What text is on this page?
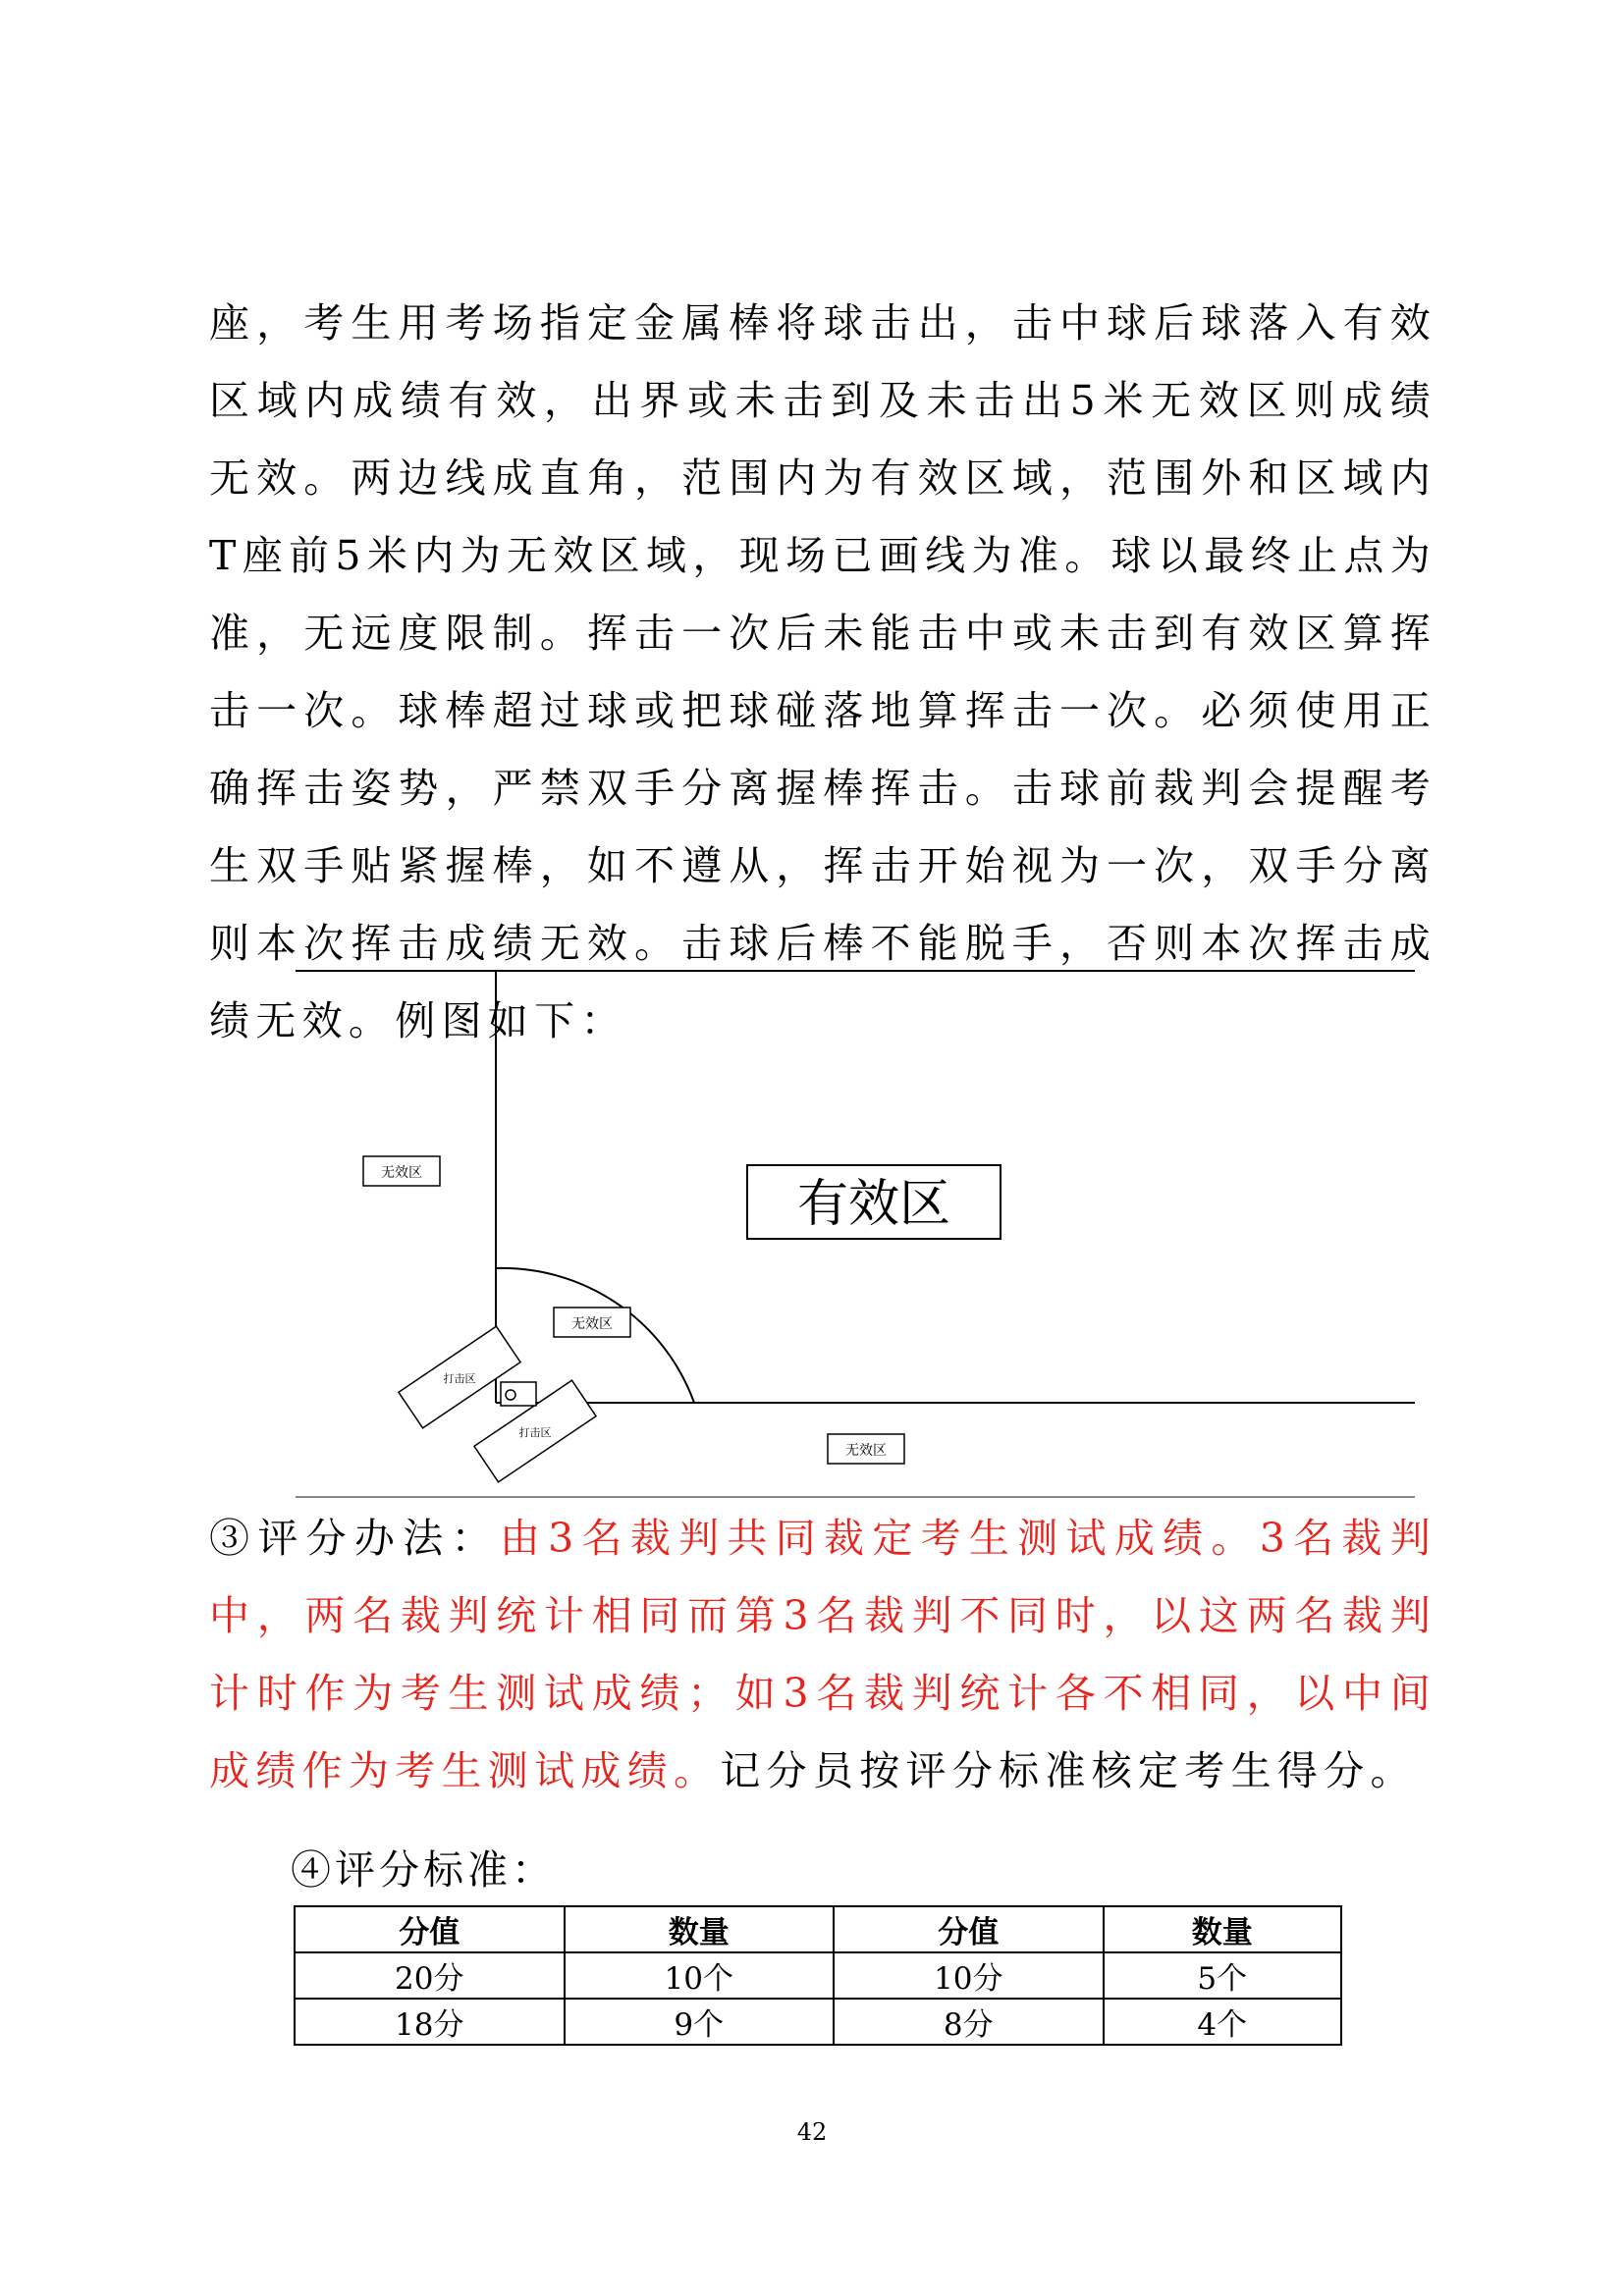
座，考生用考场指定金属棒将球击出，击中球后球落入有效区域内成绩有效，出界或未击到及未击出5米无效区则成绩无效。两边线成直角，范围内为有效区域，范围外和区域内T座前5米内为无效区域，现场已画线为准。球以最终止点为准，无远度限制。挥击一次后未能击中或未击到有效区算挥击一次。球棒超过球或把球碰落地算挥击一次。必须使用正确挥击姿势，严禁双手分离握棒挥击。击球前裁判会提醒考生双手贴紧握棒，如不遵从，挥击开始视为一次，双手分离则本次挥击成绩无效。击球后棒不能脱手，否则本次挥击成绩无效。例图如下：

有效区
无效区
无效区
无效区
打击区
打击区

③评分办法：由3名裁判共同裁定考生测试成绩。3名裁判中，两名裁判统计相同而第3名裁判不同时，以这两名裁判计时作为考生测试成绩；如3名裁判统计各不相同，以中间成绩作为考生测试成绩。记分员按评分标准核定考生得分。

④评分标准：

分值	数量	分值	数量
20分	10个	10分	5个
18分	9个	8分	4个
42
